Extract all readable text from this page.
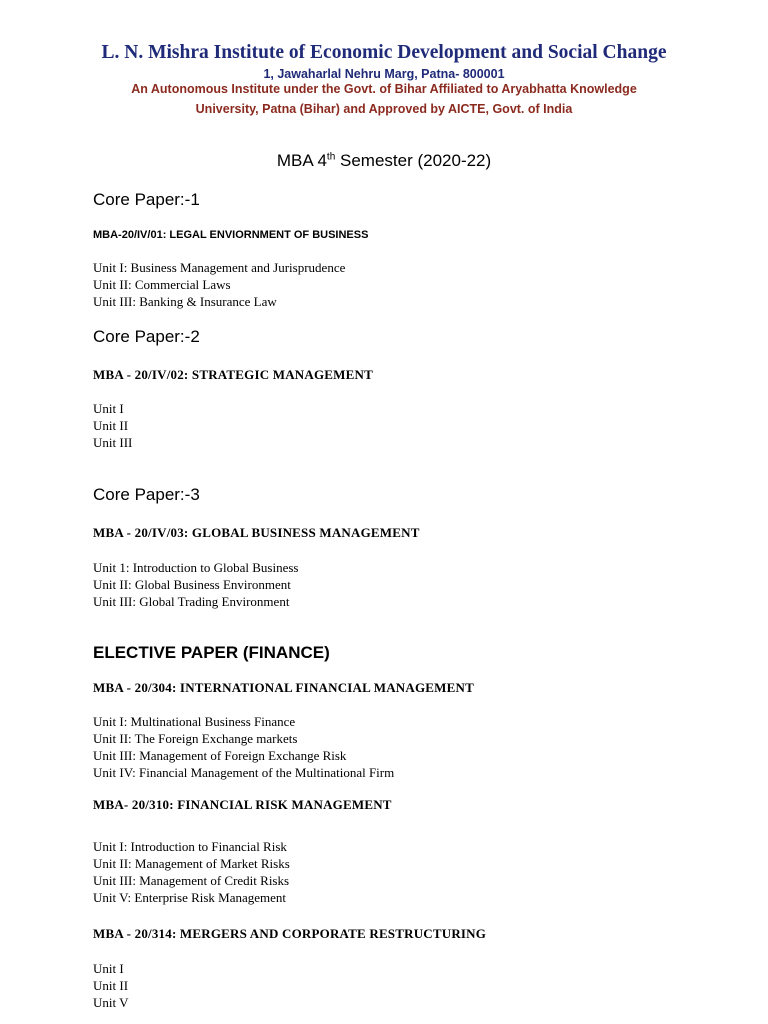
L. N. Mishra Institute of Economic Development and Social Change
1, Jawaharlal Nehru Marg, Patna- 800001
An Autonomous Institute under the Govt. of Bihar Affiliated to Aryabhatta Knowledge
University, Patna (Bihar) and Approved by AICTE, Govt. of India
MBA 4th Semester (2020-22)
Core Paper:-1
MBA-20/IV/01: LEGAL ENVIORNMENT OF BUSINESS
Unit I: Business Management and Jurisprudence
Unit II: Commercial Laws
Unit III: Banking & Insurance Law
Core Paper:-2
MBA - 20/IV/02: STRATEGIC MANAGEMENT
Unit I
Unit II
Unit III
Core Paper:-3
MBA - 20/IV/03: GLOBAL BUSINESS MANAGEMENT
Unit 1: Introduction to Global Business
Unit II: Global Business Environment
Unit III: Global Trading Environment
ELECTIVE PAPER (FINANCE)
MBA - 20/304: INTERNATIONAL FINANCIAL MANAGEMENT
Unit I: Multinational Business Finance
Unit II: The Foreign Exchange markets
Unit III: Management of Foreign Exchange Risk
Unit IV: Financial Management of the Multinational Firm
MBA- 20/310: FINANCIAL RISK MANAGEMENT
Unit I: Introduction to Financial Risk
Unit II: Management of Market Risks
Unit III: Management of Credit Risks
Unit V: Enterprise Risk Management
MBA - 20/314: MERGERS AND CORPORATE RESTRUCTURING
Unit I
Unit II
Unit V
